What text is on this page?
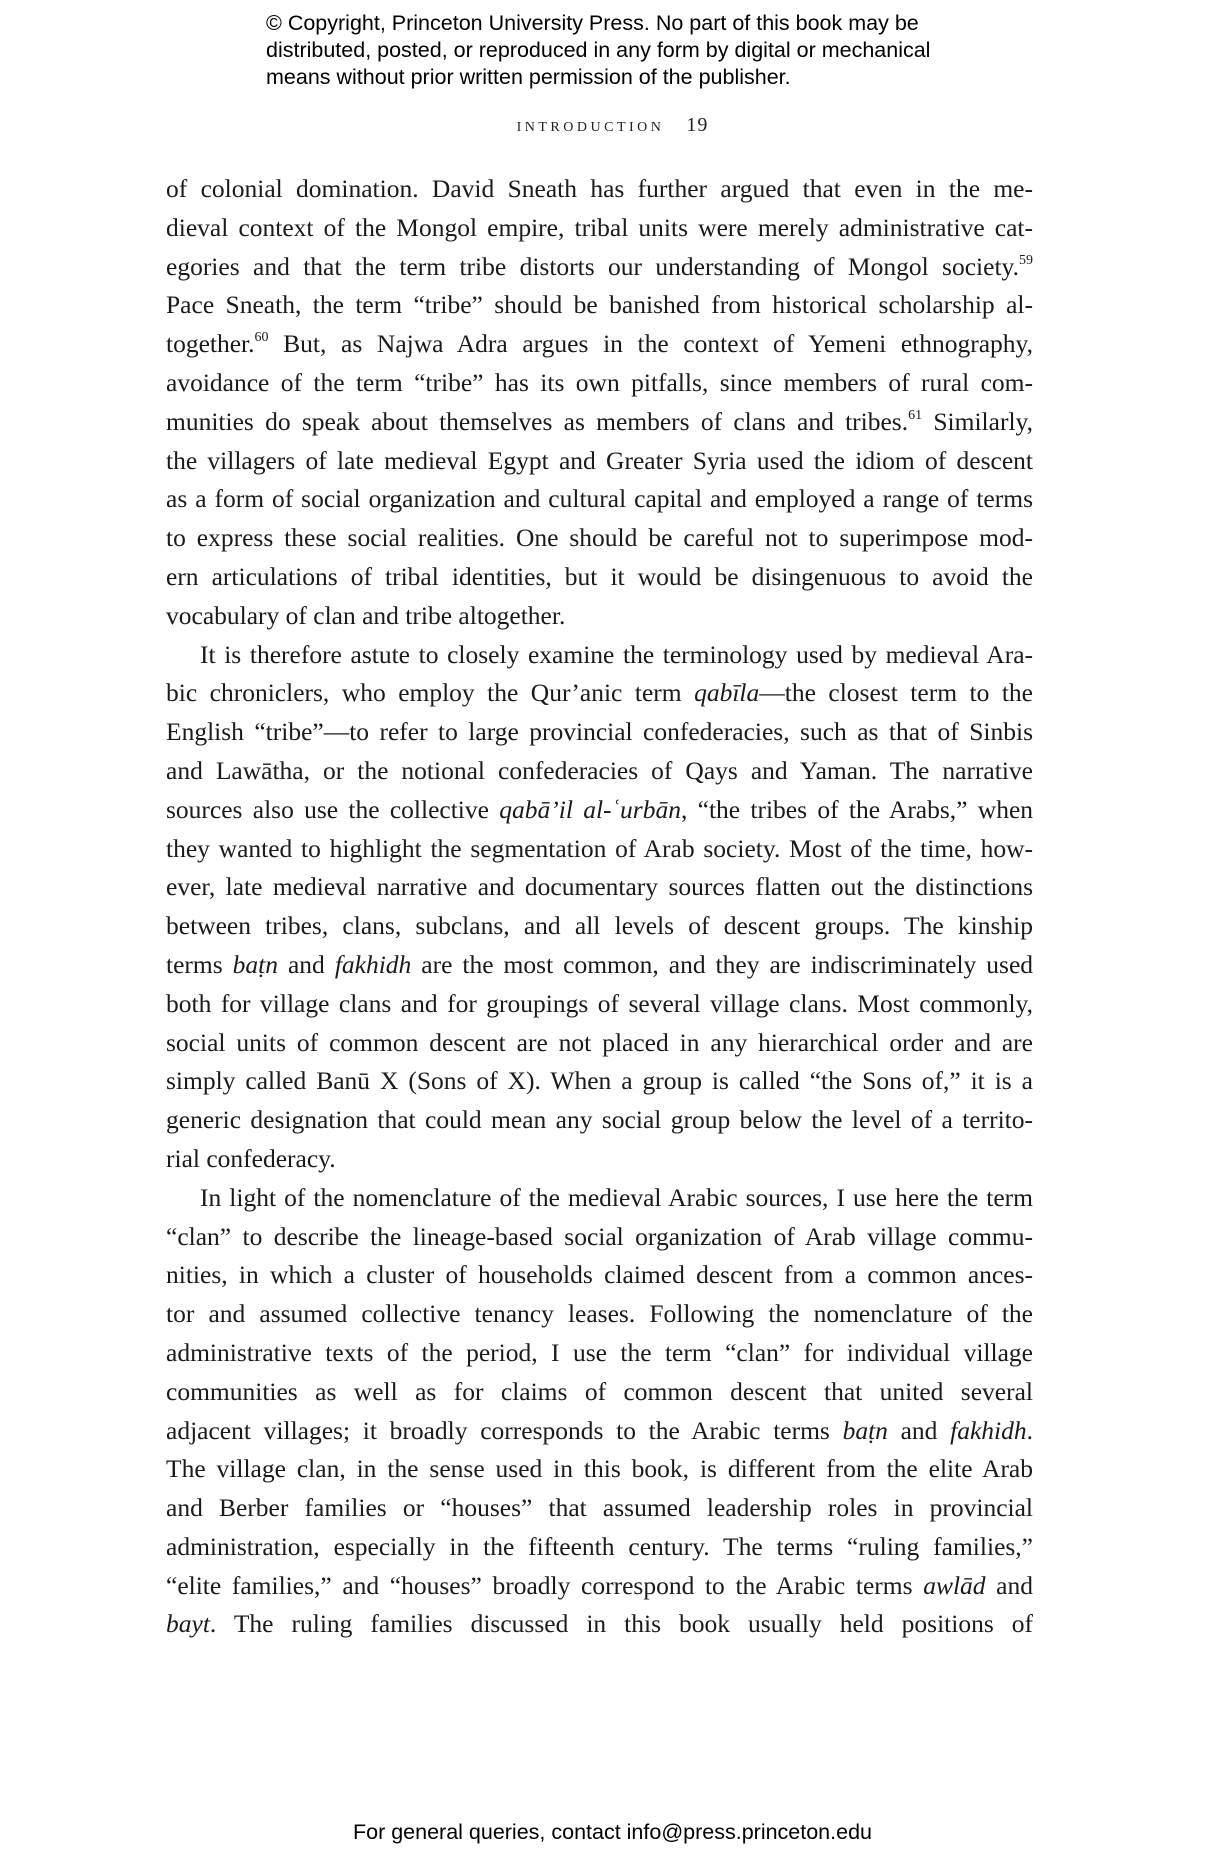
© Copyright, Princeton University Press. No part of this book may be
distributed, posted, or reproduced in any form by digital or mechanical
means without prior written permission of the publisher.
introduction 19
of colonial domination. David Sneath has further argued that even in the me-
dieval context of the Mongol empire, tribal units were merely administrative cat-
egories and that the term tribe distorts our understanding of Mongol society.$^{59}$
Pace Sneath, the term “tribe” should be banished from historical scholarship al-
together.$^{60}$ But, as Najwa Adra argues in the context of Yemeni ethnography,
avoidance of the term “tribe” has its own pitfalls, since members of rural com-
munities do speak about themselves as members of clans and tribes.$^{61}$ Similarly,
the villagers of late medieval Egypt and Greater Syria used the idiom of descent
as a form of social organization and cultural capital and employed a range of terms
to express these social realities. One should be careful not to superimpose mod-
ern articulations of tribal identities, but it would be disingenuous to avoid the
vocabulary of clan and tribe altogether.
It is therefore astute to closely examine the terminology used by medieval Ara-
bic chroniclers, who employ the Qur’anic term qabīla—the closest term to the
English “tribe”—to refer to large provincial confederacies, such as that of Sinbis
and Lawātha, or the notional confederacies of Qays and Yaman. The narrative
sources also use the collective qabā’il al-ʿurbān, “the tribes of the Arabs,” when
they wanted to highlight the segmentation of Arab society. Most of the time, how-
ever, late medieval narrative and documentary sources flatten out the distinctions
between tribes, clans, subclans, and all levels of descent groups. The kinship
terms baṭn and fakhidh are the most common, and they are indiscriminately used
both for village clans and for groupings of several village clans. Most commonly,
social units of common descent are not placed in any hierarchical order and are
simply called Banū X (Sons of X). When a group is called “the Sons of,” it is a
generic designation that could mean any social group below the level of a territo-
rial confederacy.
In light of the nomenclature of the medieval Arabic sources, I use here the term
“clan” to describe the lineage-based social organization of Arab village commu-
nities, in which a cluster of households claimed descent from a common ances-
tor and assumed collective tenancy leases. Following the nomenclature of the
administrative texts of the period, I use the term “clan” for individual village
communities as well as for claims of common descent that united several
adjacent villages; it broadly corresponds to the Arabic terms baṭn and fakhidh.
The village clan, in the sense used in this book, is different from the elite Arab
and Berber families or “houses” that assumed leadership roles in provincial
administration, especially in the fifteenth century. The terms “ruling families,”
“elite families,” and “houses” broadly correspond to the Arabic terms awlād and
bayt. The ruling families discussed in this book usually held positions of
For general queries, contact info@press.princeton.edu
